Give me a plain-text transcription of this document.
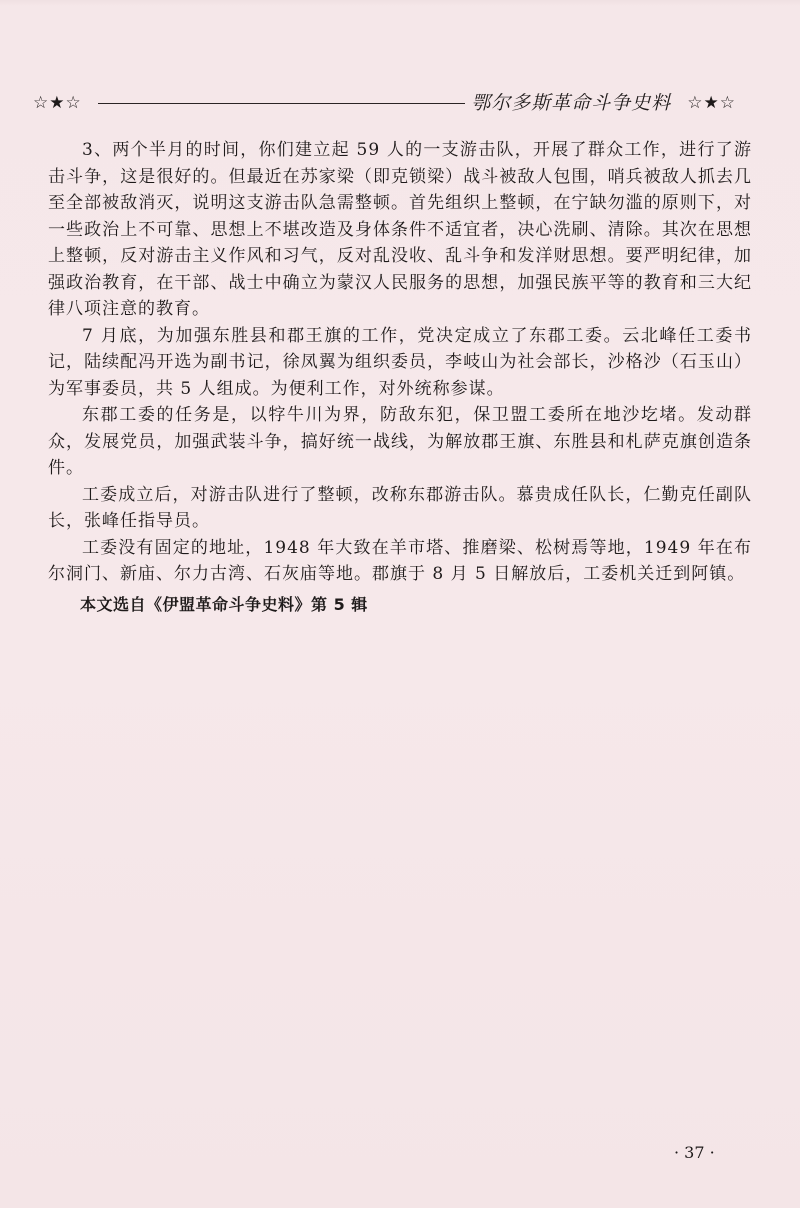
☆★☆	鄂尔多斯革命斗争史料 ☆★☆

3、两个半月的时间，你们建立起 59 人的一支游击队，开展了群众工作，进行了游击斗争，这是很好的。但最近在苏家梁（即克锁梁）战斗被敌人包围，哨兵被敌人抓去几至全部被敌消灭，说明这支游击队急需整顿。首先组织上整顿，在宁缺勿滥的原则下，对一些政治上不可靠、思想上不堪改造及身体条件不适宜者，决心洗刷、清除。其次在思想上整顿，反对游击主义作风和习气，反对乱没收、乱斗争和发洋财思想。要严明纪律，加强政治教育，在干部、战士中确立为蒙汉人民服务的思想，加强民族平等的教育和三大纪律八项注意的教育。

7 月底，为加强东胜县和郡王旗的工作，党决定成立了东郡工委。云北峰任工委书记，陆续配冯开选为副书记，徐凤翼为组织委员，李岐山为社会部长，沙格沙（石玉山）为军事委员，共 5 人组成。为便利工作，对外统称参谋。

东郡工委的任务是，以牸牛川为界，防敌东犯，保卫盟工委所在地沙圪堵。发动群众，发展党员，加强武装斗争，搞好统一战线，为解放郡王旗、东胜县和札萨克旗创造条件。

工委成立后，对游击队进行了整顿，改称东郡游击队。慕贵成任队长，仁勤克任副队长，张峰任指导员。

工委没有固定的地址，1948 年大致在羊市塔、推磨梁、松树焉等地，1949 年在布尔洞门、新庙、尔力古湾、石灰庙等地。郡旗于 8 月 5 日解放后，工委机关迁到阿镇。

本文选自《伊盟革命斗争史料》第 5 辑
· 37 ·
